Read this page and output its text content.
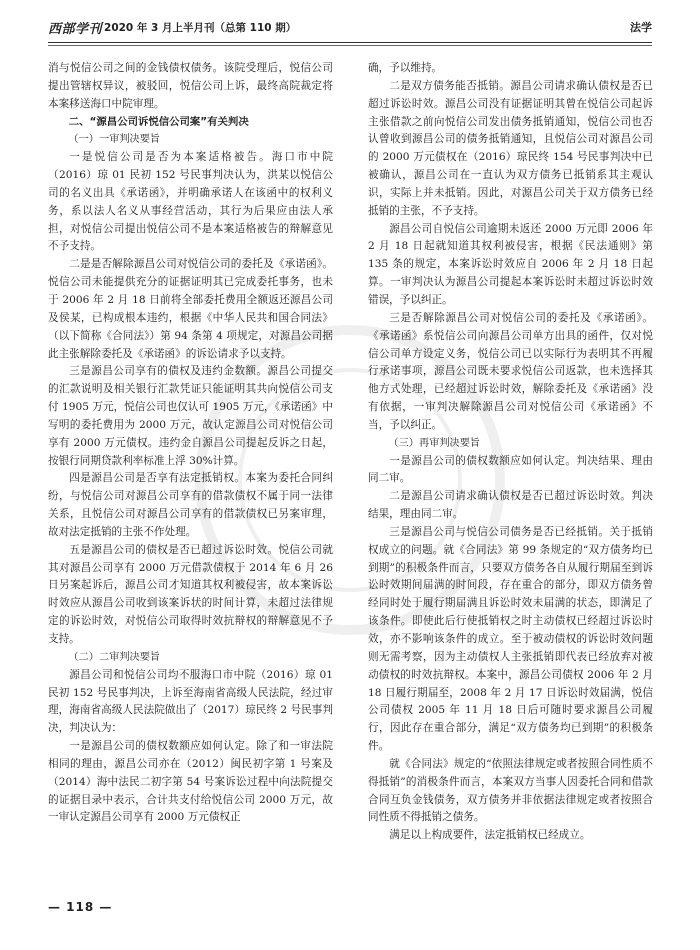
西部学刊 2020 年 3 月上半月刊（总第 110 期）	法学

消与悦信公司之间的金钱债权债务。该院受理后，悦信公司提出管辖权异议，被驳回，悦信公司上诉，最终高院裁定将本案移送海口中院审理。

二、“源昌公司诉悦信公司案”有关判决

（一）一审判决要旨

一是悦信公司是否为本案适格被告。海口市中院（2016）琼 01 民初 152 号民事判决认为，洪某以悦信公司的名义出具《承诺函》，并明确承诺人在该函中的权利义务，系以法人名义从事经营活动，其行为后果应由法人承担，对悦信公司提出悦信公司不是本案适格被告的辩解意见不予支持。

二是是否解除源昌公司对悦信公司的委托及《承诺函》。悦信公司未能提供充分的证据证明其已完成委托事务，也未于 2006 年 2 月 18 日前将全部委托费用全额返还源昌公司及侯某，已构成根本违约，根据《中华人民共和国合同法》（以下简称《合同法》）第 94 条第 4 项规定，对源昌公司据此主张解除委托及《承诺函》的诉讼请求予以支持。

三是源昌公司享有的债权及违约金数额。源昌公司提交的汇款说明及相关银行汇款凭证只能证明其共向悦信公司支付 1905 万元，悦信公司也仅认可 1905 万元，《承诺函》中写明的委托费用为 2000 万元，故认定源昌公司对悦信公司享有 2000 万元债权。违约金自源昌公司提起反诉之日起，按银行同期贷款利率标准上浮 30%计算。

四是源昌公司是否享有法定抵销权。本案为委托合同纠纷，与悦信公司对源昌公司享有的借款债权不属于同一法律关系，且悦信公司对源昌公司享有的借款债权已另案审理，故对法定抵销的主张不作处理。

五是源昌公司的债权是否已超过诉讼时效。悦信公司就其对源昌公司享有 2000 万元借款债权于 2014 年 6 月 26 日另案起诉后，源昌公司才知道其权利被侵害，故本案诉讼时效应从源昌公司收到该案诉状的时间计算，未超过法律规定的诉讼时效，对悦信公司取得时效抗辩权的辩解意见不予支持。

（二）二审判决要旨

源昌公司和悦信公司均不服海口市中院（2016）琼 01 民初 152 号民事判决，上诉至海南省高级人民法院，经过审理，海南省高级人民法院做出了（2017）琼民终 2 号民事判决，判决认为：

一是源昌公司的债权数额应如何认定。除了和一审法院相同的理由，源昌公司亦在（2012）闽民初字第 1 号案及（2014）海中法民二初字第 54 号案诉讼过程中向法院提交的证据目录中表示，合计共支付给悦信公司 2000 万元，故一审认定源昌公司享有 2000 万元债权正

确，予以维持。

二是双方债务能否抵销。源昌公司请求确认债权是否已超过诉讼时效。源昌公司没有证据证明其曾在悦信公司起诉主张借款之前向悦信公司发出债务抵销通知，悦信公司也否认曾收到源昌公司的债务抵销通知，且悦信公司对源昌公司的 2000 万元债权在（2016）琼民终 154 号民事判决中已被确认，源昌公司在一直认为双方债务已抵销系其主观认识，实际上并未抵销。因此，对源昌公司关于双方债务已经抵销的主张，不予支持。

源昌公司自悦信公司逾期未返还 2000 万元即 2006 年 2 月 18 日起就知道其权利被侵害，根据《民法通则》第 135 条的规定，本案诉讼时效应自 2006 年 2 月 18 日起算。一审判决认为源昌公司提起本案诉讼时未超过诉讼时效错误，予以纠正。

三是否解除源昌公司对悦信公司的委托及《承诺函》。《承诺函》系悦信公司向源昌公司单方出具的函件，仅对悦信公司单方设定义务，悦信公司已以实际行为表明其不再履行承诺事项，源昌公司既未要求悦信公司返款，也未选择其他方式处理，已经超过诉讼时效，解除委托及《承诺函》没有依据，一审判决解除源昌公司对悦信公司《承诺函》不当，予以纠正。

（三）再审判决要旨

一是源昌公司的债权数额应如何认定。判决结果、理由同二审。

二是源昌公司请求确认债权是否已超过诉讼时效。判决结果，理由同二审。

三是源昌公司与悦信公司债务是否已经抵销。关于抵销权成立的问题。就《合同法》第 99 条规定的“双方债务均已到期”的积极条件而言，只要双方债务各自从履行期届至到诉讼时效期间届满的时间段，存在重合的部分，即双方债务曾经同时处于履行期届满且诉讼时效未届满的状态，即满足了该条件。即使此后行使抵销权之时主动债权已经超过诉讼时效，亦不影响该条件的成立。至于被动债权的诉讼时效问题则无需考察，因为主动债权人主张抵销即代表已经放弃对被动债权的时效抗辩权。本案中，源昌公司债权 2006 年 2 月 18 日履行期届至，2008 年 2 月 17 日诉讼时效届满，悦信公司债权 2005 年 11 月 18 日后可随时要求源昌公司履行，因此存在重合部分，满足“双方债务均已到期”的积极条件。

就《合同法》规定的“依照法律规定或者按照合同性质不得抵销”的消极条件而言，本案双方当事人因委托合同和借款合同互负金钱债务，双方债务并非依据法律规定或者按照合同性质不得抵销之债务。

满足以上构成要件，法定抵销权已经成立。

— 118 —
